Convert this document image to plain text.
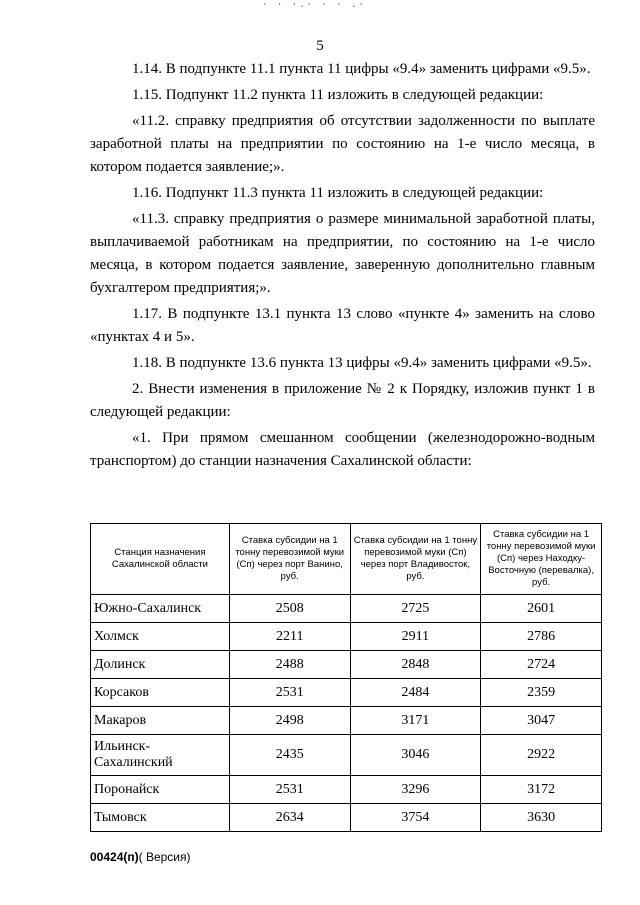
· · ·.· · · .·
5

1.14. В подпункте 11.1 пункта 11 цифры «9.4» заменить цифрами «9.5».

1.15. Подпункт 11.2 пункта 11 изложить в следующей редакции:

«11.2. справку предприятия об отсутствии задолженности по выплате заработной платы на предприятии по состоянию на 1-е число месяца, в котором подается заявление;».

1.16. Подпункт 11.3 пункта 11 изложить в следующей редакции:

«11.3. справку предприятия о размере минимальной заработной платы, выплачиваемой работникам на предприятии, по состоянию на 1-е число месяца, в котором подается заявление, заверенную дополнительно главным бухгалтером предприятия;».

1.17. В подпункте 13.1 пункта 13 слово «пункте 4» заменить на слово «пунктах 4 и 5».

1.18. В подпункте 13.6 пункта 13 цифры «9.4» заменить цифрами «9.5».

2. Внести изменения в приложение № 2 к Порядку, изложив пункт 1 в следующей редакции:

«1. При прямом смешанном сообщении (железнодорожно-водным транспортом) до станции назначения Сахалинской области:

Станция назначения Сахалинской области	Ставка субсидии на 1 тонну перевозимой муки (Сп) через порт Ванино, руб.	Ставка субсидии на 1 тонну перевозимой муки (Сп) через порт Владивосток, руб.	Ставка субсидии на 1 тонну перевозимой муки (Сп) через Находку-Восточную (перевалка), руб.
Южно-Сахалинск	2508	2725	2601
Холмск	2211	2911	2786
Долинск	2488	2848	2724
Корсаков	2531	2484	2359
Макаров	2498	3171	3047
Ильинск-Сахалинский	2435	3046	2922
Поронайск	2531	3296	3172
Тымовск	2634	3754	3630
00424(п)( Версия)
